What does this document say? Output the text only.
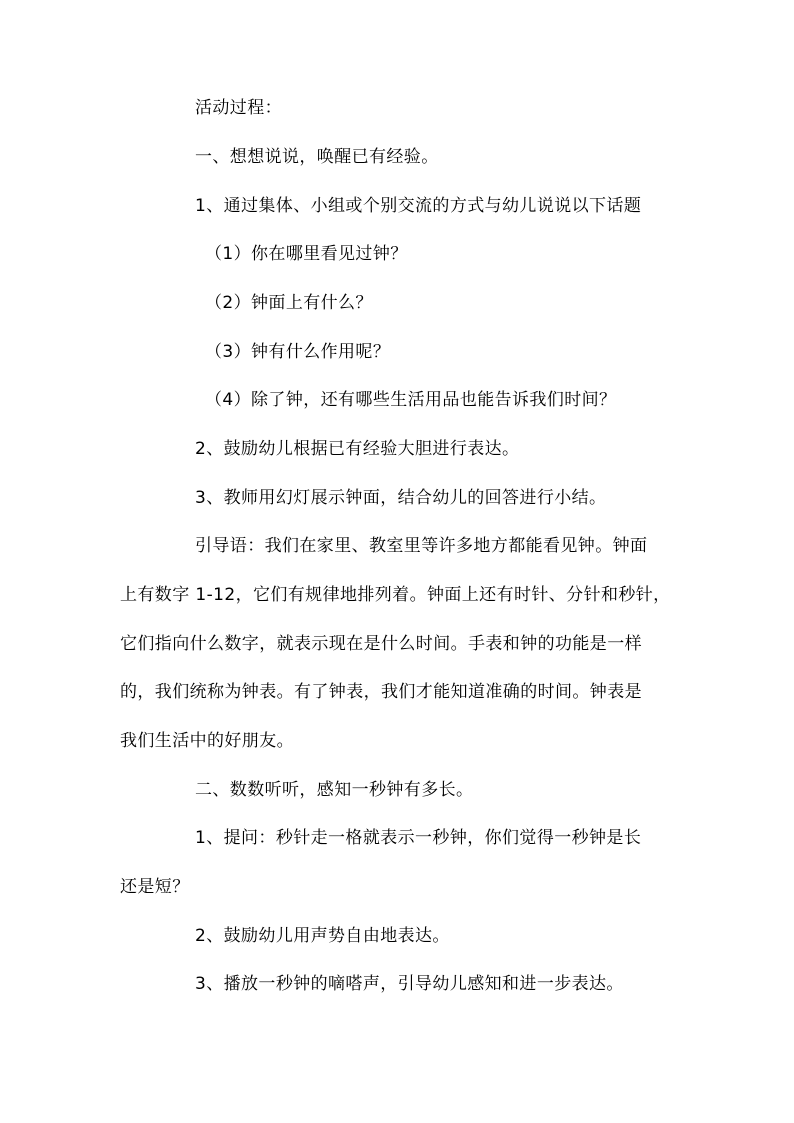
活动过程：
一、想想说说，唤醒已有经验。
1、通过集体、小组或个别交流的方式与幼儿说说以下话题
（1）你在哪里看见过钟？
（2）钟面上有什么？
（3）钟有什么作用呢？
（4）除了钟，还有哪些生活用品也能告诉我们时间？
2、鼓励幼儿根据已有经验大胆进行表达。
3、教师用幻灯展示钟面，结合幼儿的回答进行小结。
引导语：我们在家里、教室里等许多地方都能看见钟。钟面
上有数字 1-12，它们有规律地排列着。钟面上还有时针、分针和秒针，
它们指向什么数字，就表示现在是什么时间。手表和钟的功能是一样
的，我们统称为钟表。有了钟表，我们才能知道准确的时间。钟表是
我们生活中的好朋友。
二、数数听听，感知一秒钟有多长。
1、提问：秒针走一格就表示一秒钟，你们觉得一秒钟是长
还是短？
2、鼓励幼儿用声势自由地表达。
3、播放一秒钟的嘀嗒声，引导幼儿感知和进一步表达。
